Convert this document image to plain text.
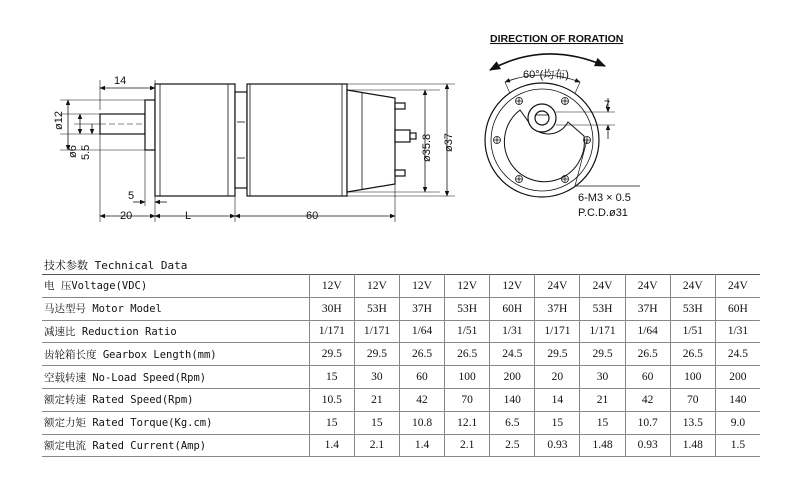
14
ø12
ø6 5.5
5
20	L	60
ø35.8 ø37
DIRECTION OF RORATION
60°(均布)
7
6-M3 × 0.5
P.C.D.ø31
技术参数 Technical Data
电 压Voltage(VDC)	12V	12V	12V	12V	12V	24V	24V	24V	24V	24V
马达型号 Motor Model	30H	53H	37H	53H	60H	37H	53H	37H	53H	60H
减速比 Reduction Ratio	1/171	1/171	1/64	1/51	1/31	1/171	1/171	1/64	1/51	1/31
齿轮箱长度 Gearbox Length(mm)	29.5	29.5	26.5	26.5	24.5	29.5	29.5	26.5	26.5	24.5
空载转速 No-Load Speed(Rpm)	15	30	60	100	200	20	30	60	100	200
额定转速 Rated Speed(Rpm)	10.5	21	42	70	140	14	21	42	70	140
额定力矩 Rated Torque(Kg.cm)	15	15	10.8	12.1	6.5	15	15	10.7	13.5	9.0
额定电流 Rated Current(Amp)	1.4	2.1	1.4	2.1	2.5	0.93	1.48	0.93	1.48	1.5
